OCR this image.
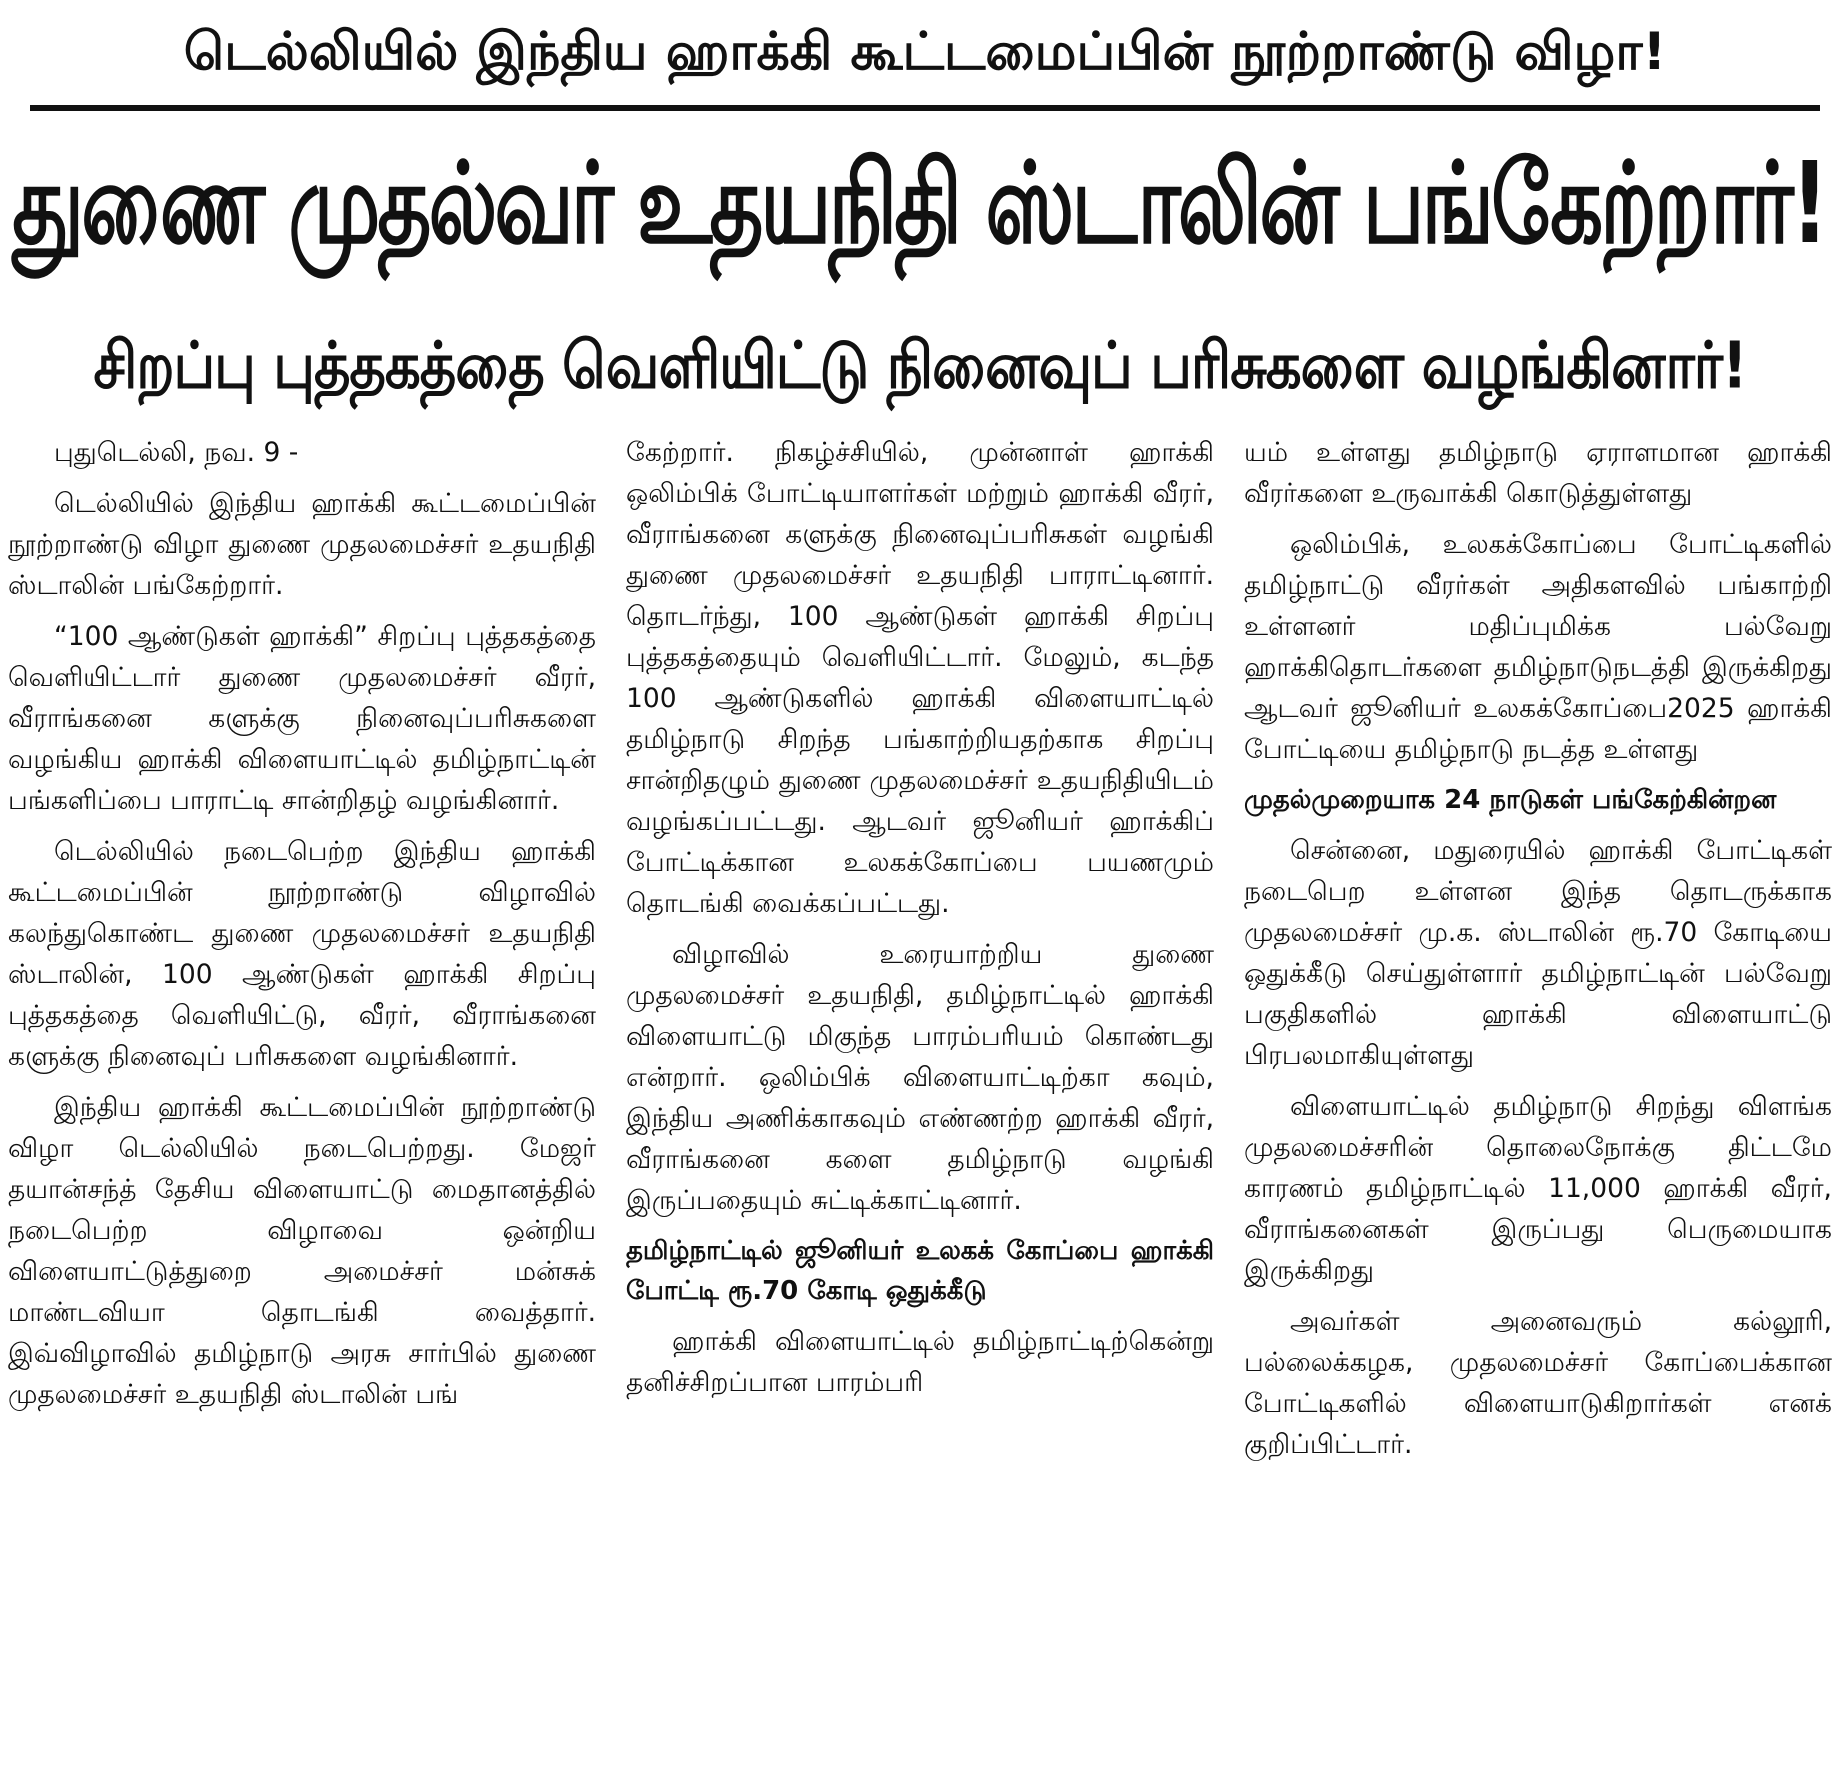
டெல்லியில் இந்திய ஹாக்கி கூட்டமைப்பின் நூற்றாண்டு விழா!
துணை முதல்வர் உதயநிதி ஸ்டாலின் பங்கேற்றார்!
சிறப்பு புத்தகத்தை வெளியிட்டு நினைவுப் பரிசுகளை வழங்கினார்!

புதுடெல்லி, நவ. 9 -

டெல்லியில் இந்திய ஹாக்கி கூட்டமைப்பின் நூற்றாண்டு விழா துணை முதலமைச்சர் உதயநிதி ஸ்டாலின் பங்கேற்றார்.

“100 ஆண்டுகள் ஹாக்கி” சிறப்பு புத்தகத்தை வெளியிட்டார் துணை முதலமைச்சர் வீரர், வீராங்கனை களுக்கு நினைவுப்பரிசுகளை வழங்கிய ஹாக்கி விளையாட்டில் தமிழ்நாட்டின் பங்களிப்பை பாராட்டி சான்றிதழ் வழங்கினார்.

டெல்லியில் நடைபெற்ற இந்திய ஹாக்கி கூட்டமைப்பின் நூற்றாண்டு விழாவில் கலந்துகொண்ட துணை முதலமைச்சர் உதயநிதி ஸ்டாலின், 100 ஆண்டுகள் ஹாக்கி சிறப்பு புத்தகத்தை வெளியிட்டு, வீரர், வீராங்கனை களுக்கு நினைவுப் பரிசுகளை வழங்கினார்.

இந்திய ஹாக்கி கூட்டமைப்பின் நூற்றாண்டு விழா டெல்லியில் நடைபெற்றது. மேஜர் தயான்சந்த் தேசிய விளையாட்டு மைதானத்தில் நடைபெற்ற விழாவை ஒன்றிய விளையாட்டுத்துறை அமைச்சர் மன்சுக் மாண்டவியா தொடங்கி வைத்தார். இவ்விழாவில் தமிழ்நாடு அரசு சார்பில் துணை முதலமைச்சர் உதயநிதி ஸ்டாலின் பங்

கேற்றார். நிகழ்ச்சியில், முன்னாள் ஹாக்கி ஒலிம்பிக் போட்டியாளர்கள் மற்றும் ஹாக்கி வீரர், வீராங்கனை களுக்கு நினைவுப்பரிசுகள் வழங்கி துணை முதலமைச்சர் உதயநிதி பாராட்டினார். தொடர்ந்து, 100 ஆண்டுகள் ஹாக்கி சிறப்பு புத்தகத்தையும் வெளியிட்டார். மேலும், கடந்த 100 ஆண்டுகளில் ஹாக்கி விளையாட்டில் தமிழ்நாடு சிறந்த பங்காற்றியதற்காக சிறப்பு சான்றிதழும் துணை முதலமைச்சர் உதயநிதியிடம் வழங்கப்பட்டது. ஆடவர் ஜூனியர் ஹாக்கிப் போட்டிக்கான உலகக்கோப்பை பயணமும் தொடங்கி வைக்கப்பட்டது.

விழாவில் உரையாற்றிய துணை முதலமைச்சர் உதயநிதி, தமிழ்நாட்டில் ஹாக்கி விளையாட்டு மிகுந்த பாரம்பரியம் கொண்டது என்றார். ஒலிம்பிக் விளையாட்டிற்கா கவும், இந்திய அணிக்காகவும் எண்ணற்ற ஹாக்கி வீரர், வீராங்கனை களை தமிழ்நாடு வழங்கி இருப்பதையும் சுட்டிக்காட்டினார்.

தமிழ்நாட்டில் ஜூனியர் உலகக் கோப்பை ஹாக்கி போட்டி ரூ.70 கோடி ஒதுக்கீடு

ஹாக்கி விளையாட்டில் தமிழ்நாட்டிற்கென்று தனிச்சிறப்பான பாரம்பரி

யம் உள்ளது தமிழ்நாடு ஏராளமான ஹாக்கி வீரர்களை உருவாக்கி கொடுத்துள்ளது

ஒலிம்பிக், உலகக்கோப்பை போட்டிகளில் தமிழ்நாட்டு வீரர்கள் அதிகளவில் பங்காற்றி உள்ளனர் மதிப்புமிக்க பல்வேறு ஹாக்கிதொடர்களை தமிழ்நாடுநடத்தி இருக்கிறது ஆடவர் ஜூனியர் உலகக்கோப்பை2025 ஹாக்கி போட்டியை தமிழ்நாடு நடத்த உள்ளது

முதல்முறையாக 24 நாடுகள் பங்கேற்கின்றன

சென்னை, மதுரையில் ஹாக்கி போட்டிகள் நடைபெற உள்ளன இந்த தொடருக்காக முதலமைச்சர் மு.க. ஸ்டாலின் ரூ.70 கோடியை ஒதுக்கீடு செய்துள்ளார் தமிழ்நாட்டின் பல்வேறு பகுதிகளில் ஹாக்கி விளையாட்டு பிரபலமாகியுள்ளது

விளையாட்டில் தமிழ்நாடு சிறந்து விளங்க முதலமைச்சரின் தொலைநோக்கு திட்டமே காரணம் தமிழ்நாட்டில் 11,000 ஹாக்கி வீரர், வீராங்கனைகள் இருப்பது பெருமையாக இருக்கிறது

அவர்கள் அனைவரும் கல்லூரி, பல்லைக்கழக, முதலமைச்சர் கோப்பைக்கான போட்டிகளில் விளையாடுகிறார்கள் எனக் குறிப்பிட்டார்.
